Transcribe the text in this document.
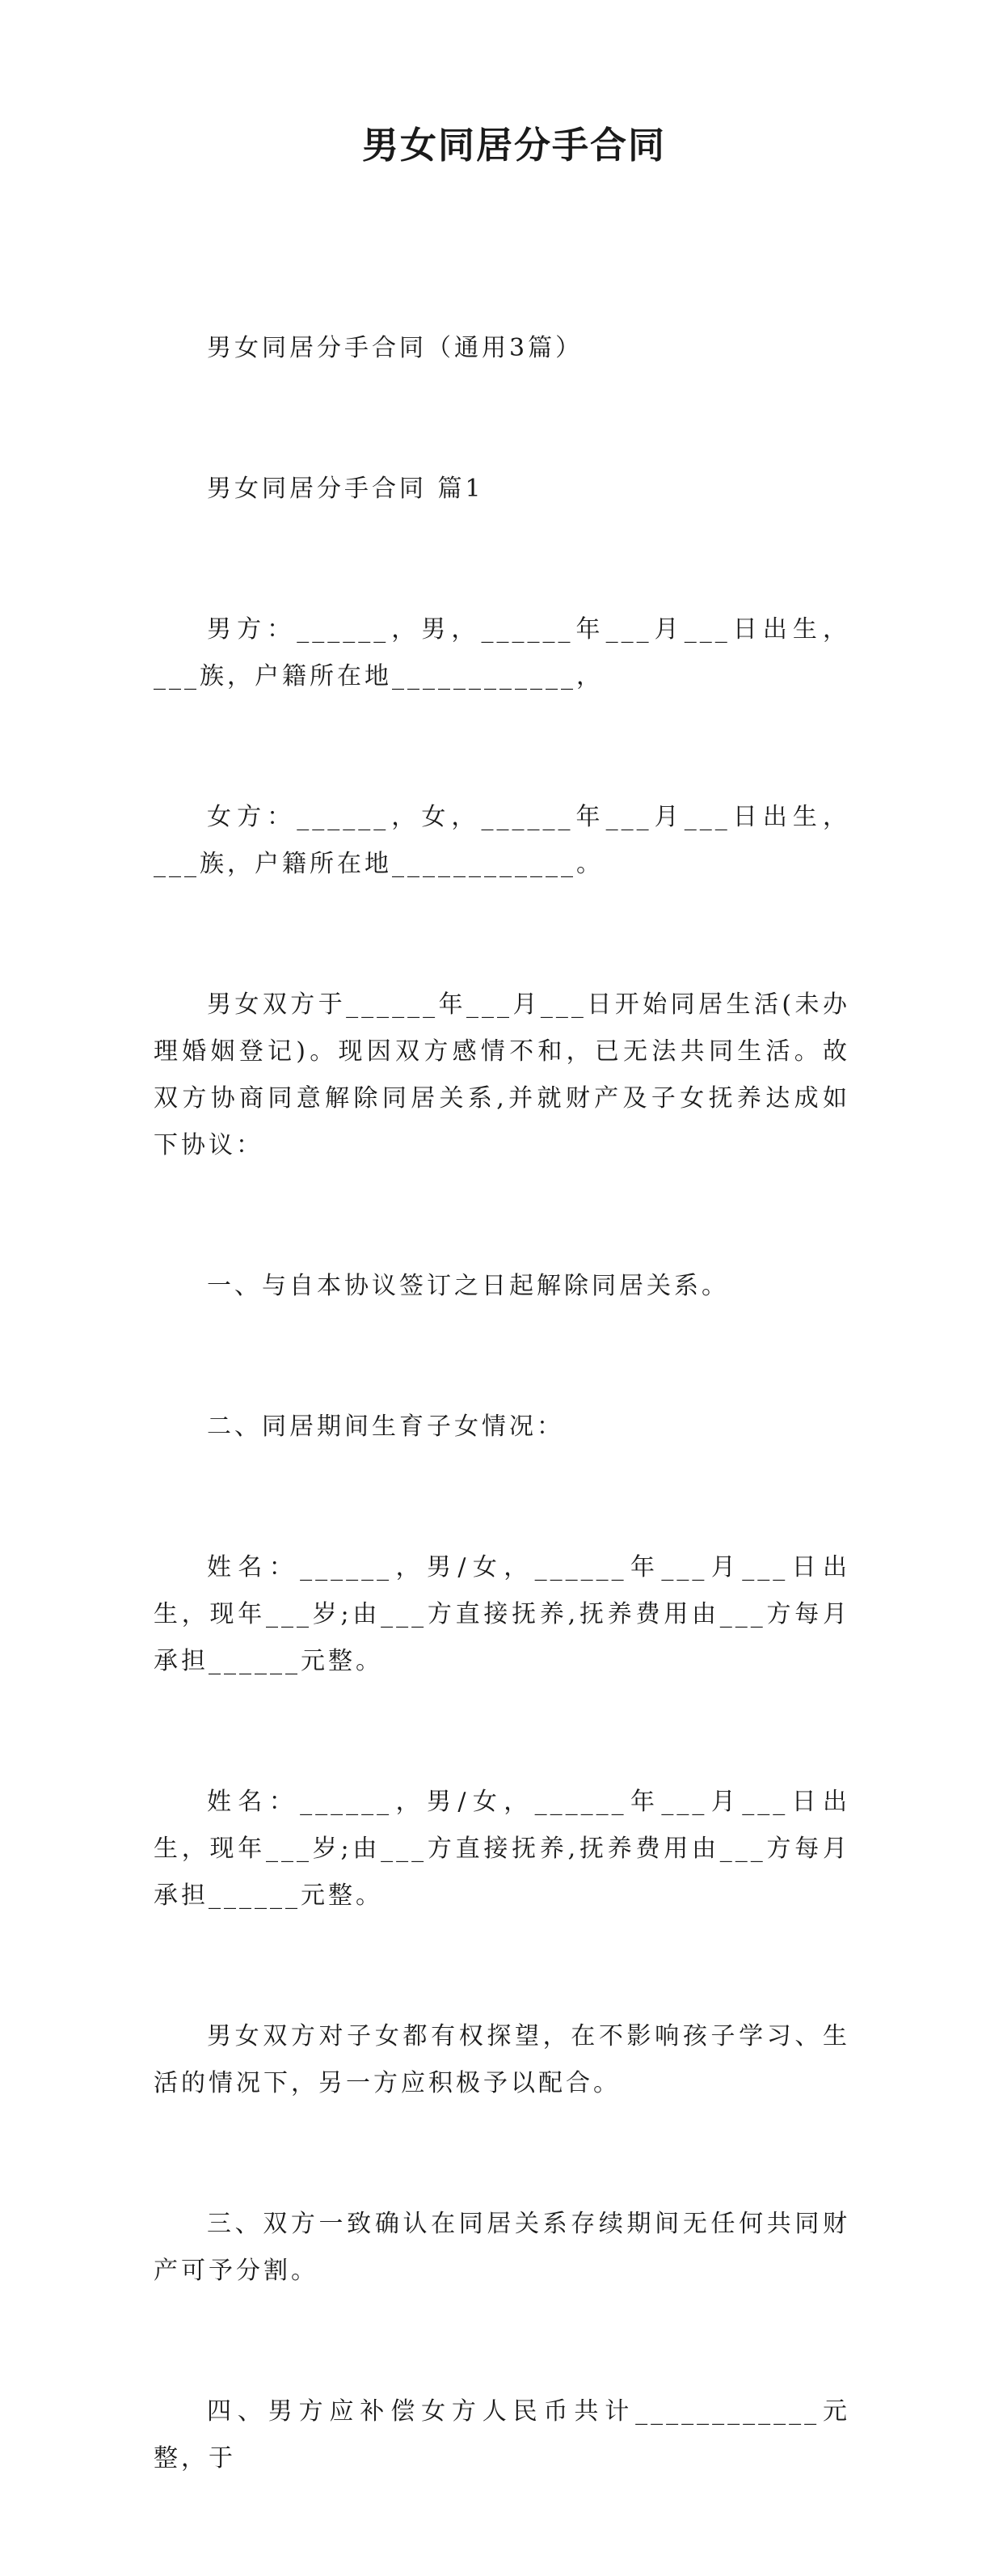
男女同居分手合同

男女同居分手合同（通用3篇）

男女同居分手合同 篇1

男方：______，男，______年___月___日出生，___族，户籍所在地____________，

女方：______，女，______年___月___日出生，___族，户籍所在地____________。

男女双方于______年___月___日开始同居生活(未办理婚姻登记)。现因双方感情不和，已无法共同生活。故双方协商同意解除同居关系,并就财产及子女抚养达成如下协议：

一、与自本协议签订之日起解除同居关系。

二、同居期间生育子女情况：

姓名：______，男/女，______年___月___日出生，现年___岁;由___方直接抚养,抚养费用由___方每月承担______元整。

姓名：______，男/女，______年___月___日出生，现年___岁;由___方直接抚养,抚养费用由___方每月承担______元整。

男女双方对子女都有权探望，在不影响孩子学习、生活的情况下，另一方应积极予以配合。

三、双方一致确认在同居关系存续期间无任何共同财产可予分割。

四、男方应补偿女方人民币共计____________元整，于
